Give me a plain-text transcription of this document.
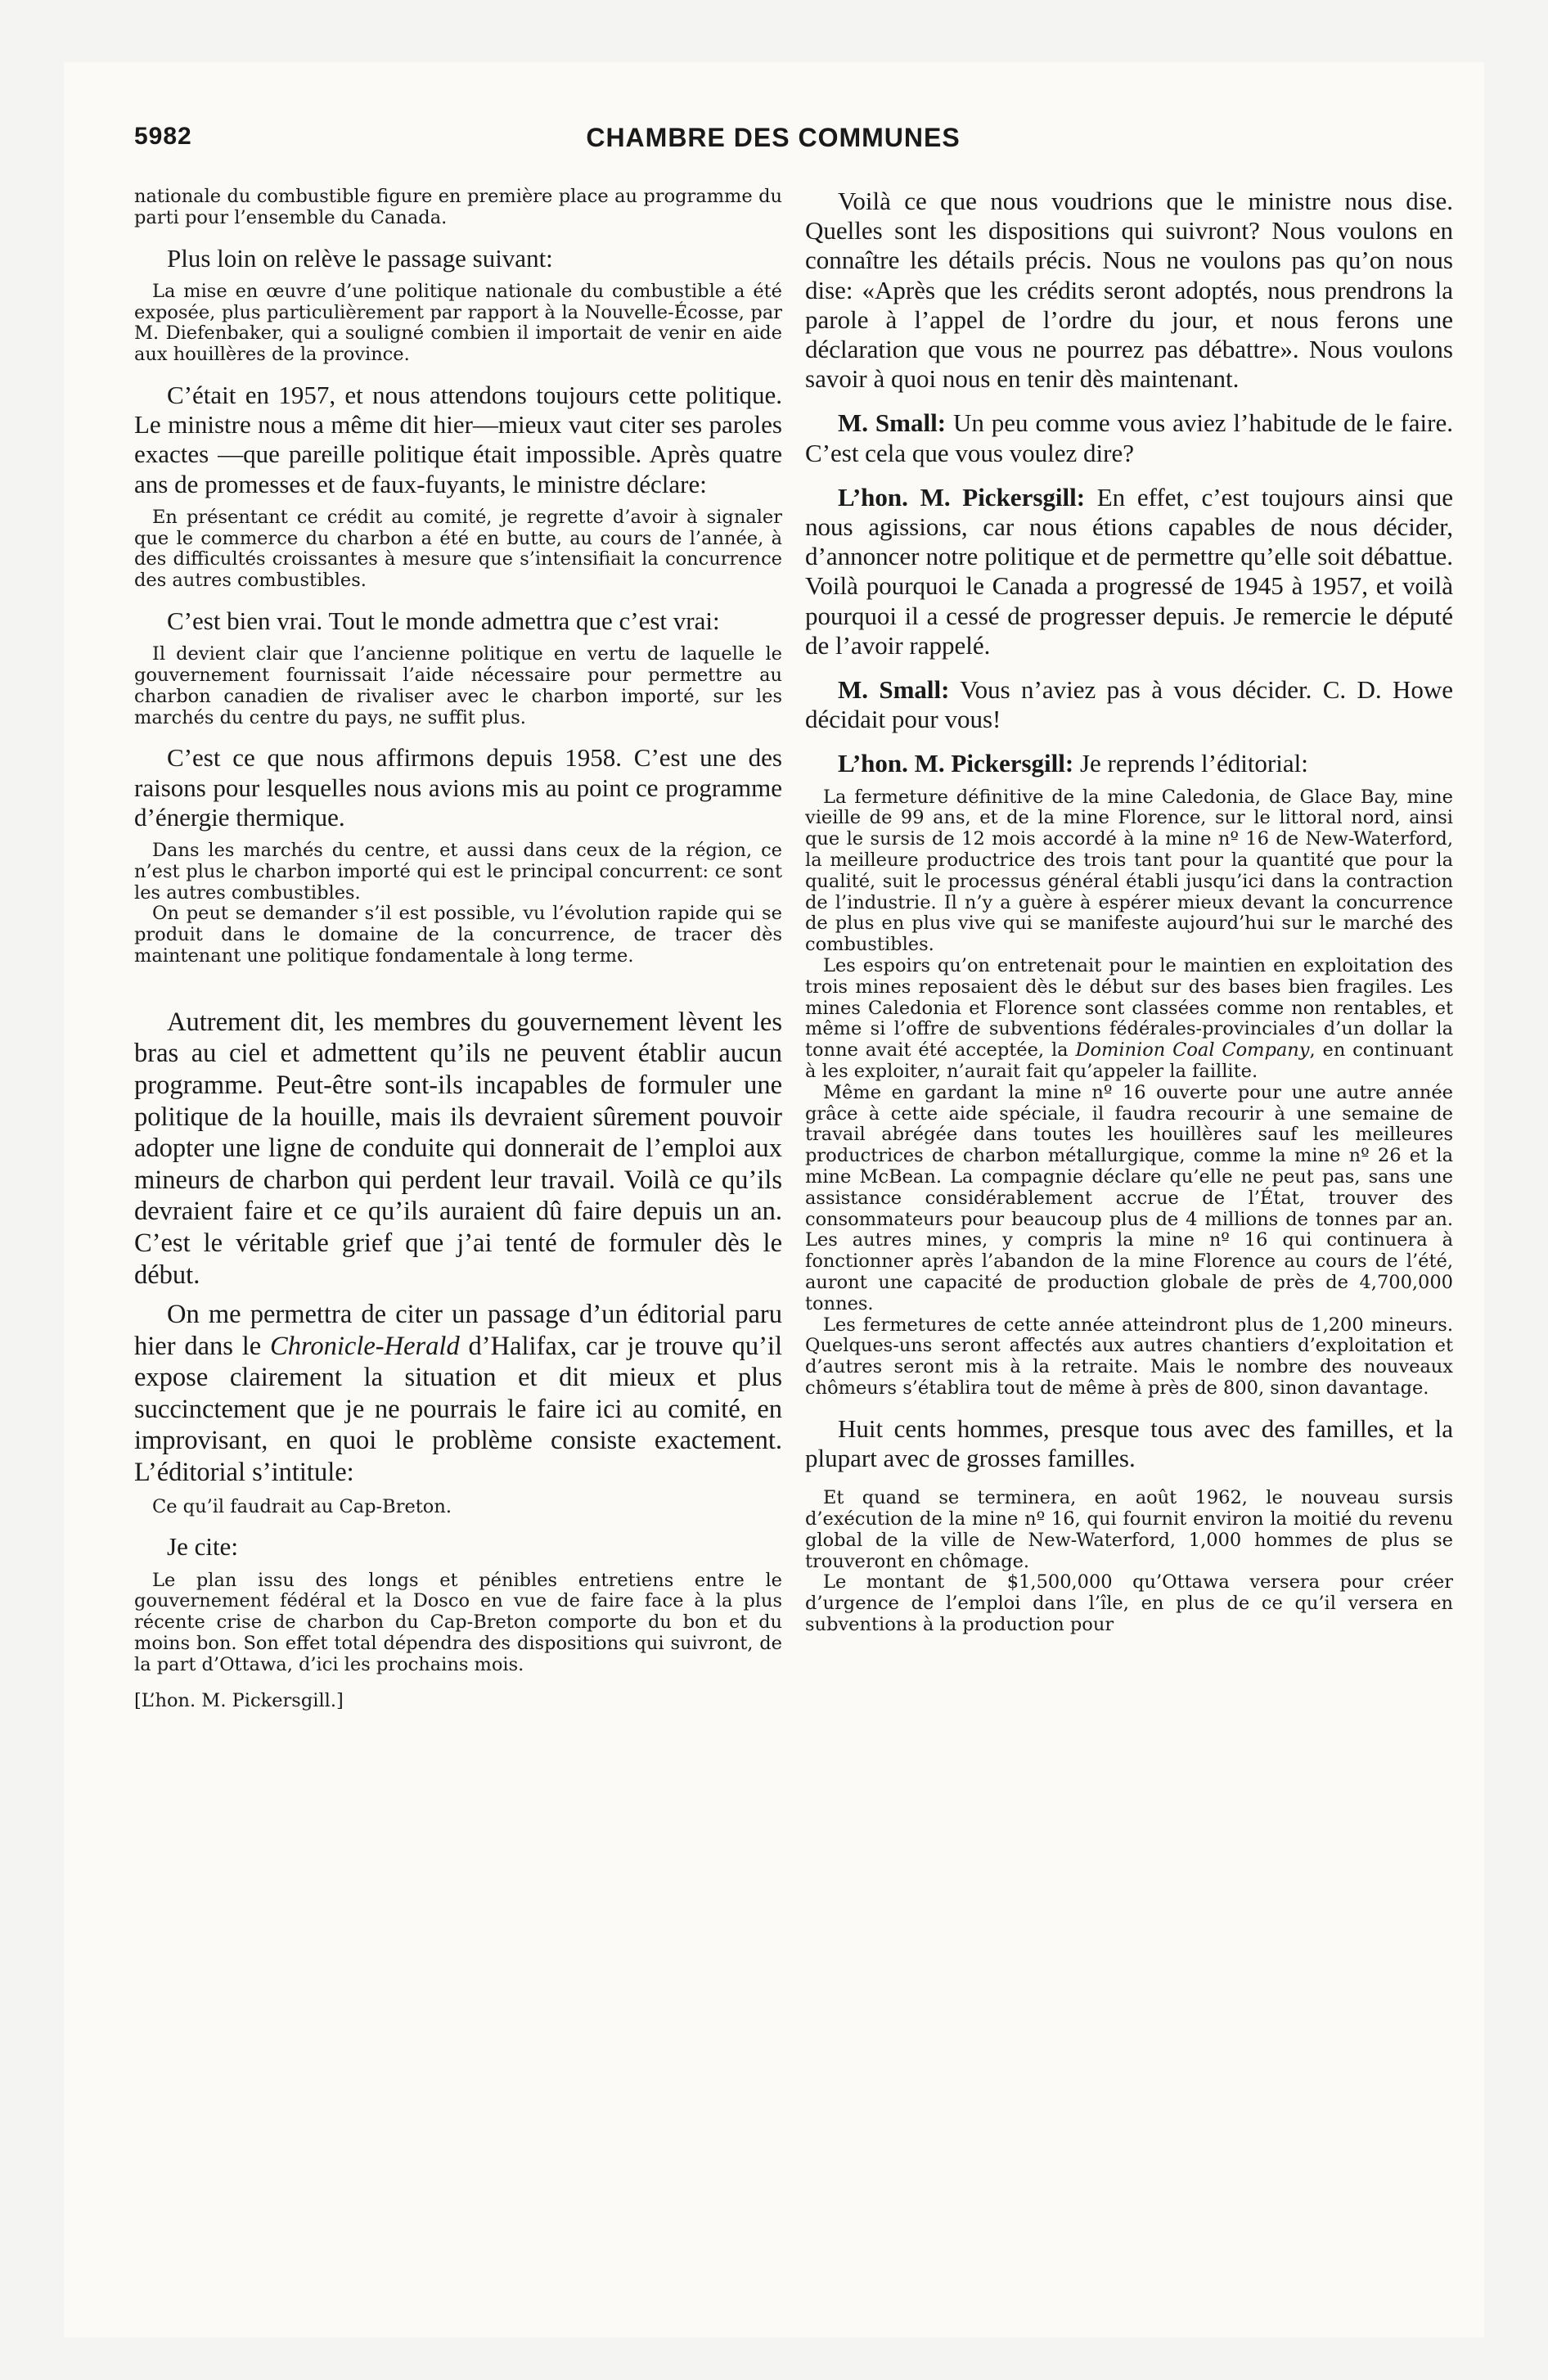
5982	CHAMBRE DES COMMUNES

nationale du combustible figure en première place au programme du parti pour l’ensemble du Canada.

Plus loin on relève le passage suivant:

La mise en œuvre d’une politique nationale du combustible a été exposée, plus particulièrement par rapport à la Nouvelle-Écosse, par M. Diefenbaker, qui a souligné combien il importait de venir en aide aux houillères de la province.

C’était en 1957, et nous attendons toujours cette politique. Le ministre nous a même dit hier—mieux vaut citer ses paroles exactes —que pareille politique était impossible. Après quatre ans de promesses et de faux-fuyants, le ministre déclare:

En présentant ce crédit au comité, je regrette d’avoir à signaler que le commerce du charbon a été en butte, au cours de l’année, à des difficultés croissantes à mesure que s’intensifiait la concurrence des autres combustibles.

C’est bien vrai. Tout le monde admettra que c’est vrai:

Il devient clair que l’ancienne politique en vertu de laquelle le gouvernement fournissait l’aide nécessaire pour permettre au charbon canadien de rivaliser avec le charbon importé, sur les marchés du centre du pays, ne suffit plus.

C’est ce que nous affirmons depuis 1958. C’est une des raisons pour lesquelles nous avions mis au point ce programme d’énergie thermique.

Dans les marchés du centre, et aussi dans ceux de la région, ce n’est plus le charbon importé qui est le principal concurrent: ce sont les autres combustibles.

On peut se demander s’il est possible, vu l’évolution rapide qui se produit dans le domaine de la concurrence, de tracer dès maintenant une politique fondamentale à long terme.

Autrement dit, les membres du gouvernement lèvent les bras au ciel et admettent qu’ils ne peuvent établir aucun programme. Peut-être sont-ils incapables de formuler une politique de la houille, mais ils devraient sûrement pouvoir adopter une ligne de conduite qui donnerait de l’emploi aux mineurs de charbon qui perdent leur travail. Voilà ce qu’ils devraient faire et ce qu’ils auraient dû faire depuis un an. C’est le véritable grief que j’ai tenté de formuler dès le début.

On me permettra de citer un passage d’un éditorial paru hier dans le Chronicle-Herald d’Halifax, car je trouve qu’il expose clairement la situation et dit mieux et plus succinctement que je ne pourrais le faire ici au comité, en improvisant, en quoi le problème consiste exactement. L’éditorial s’intitule:

Ce qu’il faudrait au Cap-Breton.

Je cite:

Le plan issu des longs et pénibles entretiens entre le gouvernement fédéral et la Dosco en vue de faire face à la plus récente crise de charbon du Cap-Breton comporte du bon et du moins bon. Son effet total dépendra des dispositions qui suivront, de la part d’Ottawa, d’ici les prochains mois.

[L’hon. M. Pickersgill.]

Voilà ce que nous voudrions que le ministre nous dise. Quelles sont les dispositions qui suivront? Nous voulons en connaître les détails précis. Nous ne voulons pas qu’on nous dise: «Après que les crédits seront adoptés, nous prendrons la parole à l’appel de l’ordre du jour, et nous ferons une déclaration que vous ne pourrez pas débattre». Nous voulons savoir à quoi nous en tenir dès maintenant.

M. Small: Un peu comme vous aviez l’habitude de le faire. C’est cela que vous voulez dire?

L’hon. M. Pickersgill: En effet, c’est toujours ainsi que nous agissions, car nous étions capables de nous décider, d’annoncer notre politique et de permettre qu’elle soit débattue. Voilà pourquoi le Canada a progressé de 1945 à 1957, et voilà pourquoi il a cessé de progresser depuis. Je remercie le député de l’avoir rappelé.

M. Small: Vous n’aviez pas à vous décider. C. D. Howe décidait pour vous!

L’hon. M. Pickersgill: Je reprends l’éditorial:

La fermeture définitive de la mine Caledonia, de Glace Bay, mine vieille de 99 ans, et de la mine Florence, sur le littoral nord, ainsi que le sursis de 12 mois accordé à la mine nº 16 de New-Waterford, la meilleure productrice des trois tant pour la quantité que pour la qualité, suit le processus général établi jusqu’ici dans la contraction de l’industrie. Il n’y a guère à espérer mieux devant la concurrence de plus en plus vive qui se manifeste aujourd’hui sur le marché des combustibles.

Les espoirs qu’on entretenait pour le maintien en exploitation des trois mines reposaient dès le début sur des bases bien fragiles. Les mines Caledonia et Florence sont classées comme non rentables, et même si l’offre de subventions fédérales-provinciales d’un dollar la tonne avait été acceptée, la Dominion Coal Company, en continuant à les exploiter, n’aurait fait qu’appeler la faillite.

Même en gardant la mine nº 16 ouverte pour une autre année grâce à cette aide spéciale, il faudra recourir à une semaine de travail abrégée dans toutes les houillères sauf les meilleures productrices de charbon métallurgique, comme la mine nº 26 et la mine McBean. La compagnie déclare qu’elle ne peut pas, sans une assistance considérablement accrue de l’État, trouver des consommateurs pour beaucoup plus de 4 millions de tonnes par an. Les autres mines, y compris la mine nº 16 qui continuera à fonctionner après l’abandon de la mine Florence au cours de l’été, auront une capacité de production globale de près de 4,700,000 tonnes.

Les fermetures de cette année atteindront plus de 1,200 mineurs. Quelques-uns seront affectés aux autres chantiers d’exploitation et d’autres seront mis à la retraite. Mais le nombre des nouveaux chômeurs s’établira tout de même à près de 800, sinon davantage.

Huit cents hommes, presque tous avec des familles, et la plupart avec de grosses familles.

Et quand se terminera, en août 1962, le nouveau sursis d’exécution de la mine nº 16, qui fournit environ la moitié du revenu global de la ville de New-Waterford, 1,000 hommes de plus se trouveront en chômage.

Le montant de $1,500,000 qu’Ottawa versera pour créer d’urgence de l’emploi dans l’île, en plus de ce qu’il versera en subventions à la production pour
